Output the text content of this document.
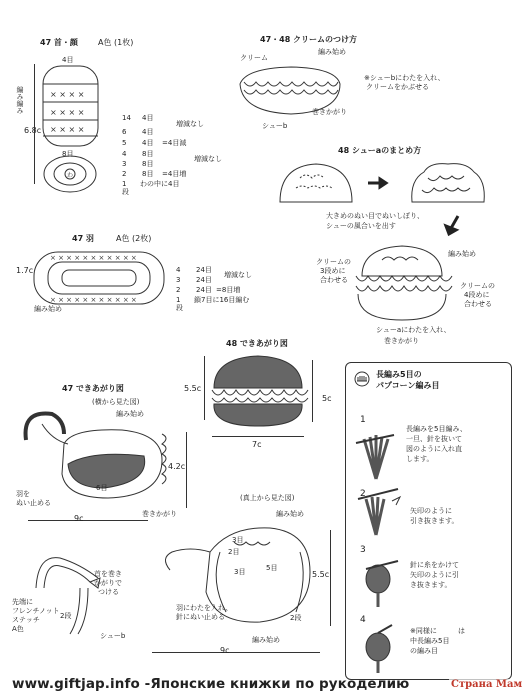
47 首・顔	A色 (1枚)
4目
編み編み
6.8c
8目
× × × ×
× × × ×
× × × ×
わ
14 4目
6 4目
5 4目 =4目減
4 8目
3 8目
2 8目 =4目増
1 わの中に4目
段
増減なし
増減なし
47 羽	A色 (2枚)
1.7c
× × × × × × × × × × ×
× × × × × × × × × × ×
編み始め
4 24目
3 24目
2 24目 =8目増
1 鎖7目に16目編む
段
増減なし
47・48 クリームのつけ方
編み始め
クリーム
※シューbにわたを入れ、
クリームをかぶせる
巻きかがり
シューb
48 シューaのまとめ方
大きめのぬい目でぬいしぼり、
シューの風合いを出す
編み始め
クリームの
3段めに
合わせる
クリームの
4段めに
合わせる
シューaにわたを入れ、
巻きかがり
48 できあがり図
5.5c
5c
7c
47 できあがり図
(横から見た図)
編み始め
羽を
ぬい止める
6目
4.2c
巻きかがり
9c
(真上から見た図)
編み始め
3目
2目
5目
3目	5.5c
首を巻き
かがりで
つける
先端に
フレンチノット
ステッチ
A色
2段
シューb
羽にわたを入れ、
針にぬい止める	2段
編み始め
9c
長編み5目の
パプコーン編み目
1
長編みを5目編み、
一旦、針を抜いて
図のように入れ直
します。
2
矢印のように
引き抜きます。
3
針に糸をかけて
矢印のように引
き抜きます。
4
※同様に	は
中長編み5目
の編み目
www.giftjap.info -Японские книжки по рукоделию	Страна Мам
